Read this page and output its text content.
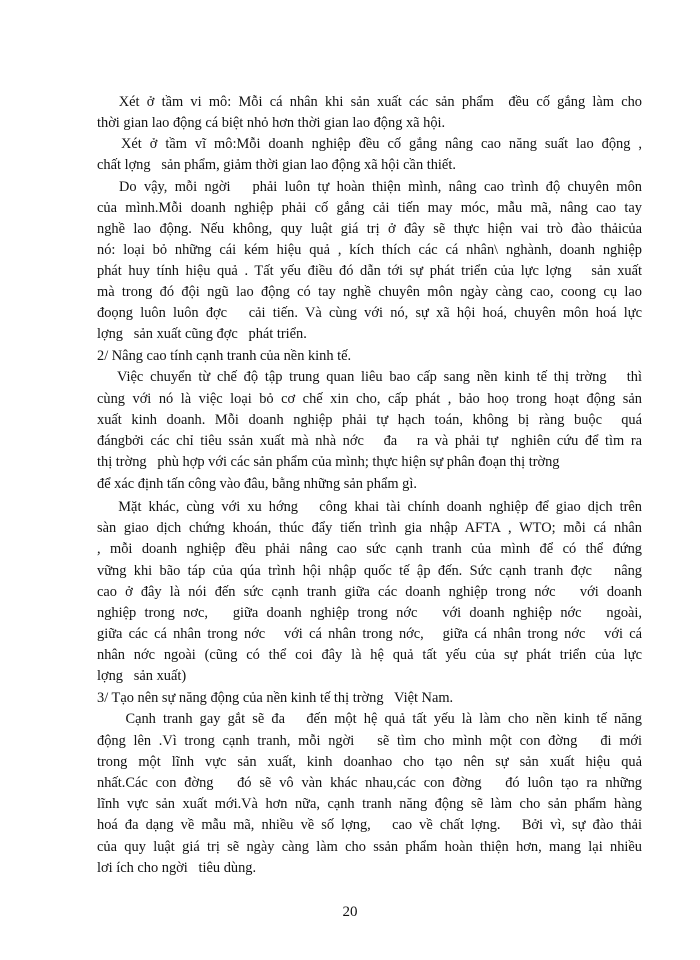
Xét ở tầm vi mô: Mỗi cá nhân khi sản xuất các sản phẩm  đều cố gắng làm cho
thời gian lao động cá biệt nhỏ hơn thời gian lao động xã hội.
Xét ở tầm vĩ mô:Mỗi doanh nghiệp đều cố gắng nâng cao năng suất lao động ,
chất lợng   sản phẩm, giảm thời gian lao động xã hội cần thiết.
Do vậy, mỗi ngời   phải luôn tự hoàn thiện mình, nâng cao trình độ chuyên môn
của mình.Mỗi doanh nghiệp phải cố gắng cải tiến may móc, mẫu mã, nâng cao tay
nghề lao động. Nếu không, quy luật giá trị ở đây sẽ thực hiện vai trò đào thảicủa
nó: loại bỏ những cái kém hiệu quả , kích thích các cá nhân\ nghành, doanh nghiệp
phát huy tính hiệu quả . Tất yếu điều đó dẫn tới sự phát triển của lực lợng   sản xuất
mà trong đó đội ngũ lao động có tay nghề chuyên môn ngày càng cao, coong cụ lao
đoọng luôn luôn đợc   cải tiến. Và cùng với nó, sự xã hội hoá, chuyên môn hoá lực
lợng   sản xuất cũng đợc   phát triển.
2/ Nâng cao tính cạnh tranh của nền kinh tế.
Việc chuyển từ chế độ tập trung quan liêu bao cấp sang nền kinh tế thị trờng   thì
cùng với nó là việc loại bỏ cơ chế xin cho, cấp phát , bảo hoọ trong hoạt động sản
xuất kinh doanh. Mỗi doanh nghiệp phải tự hạch toán, không bị ràng buộc  quá
đángbởi các chỉ tiêu ssản xuất mà nhà nớc   đa   ra và phải tự  nghiên cứu để tìm ra
thị trờng   phù hợp với các sản phẩm của mình; thực hiện sự phân đoạn thị trờng
để xác định tấn công vào đâu, bằng những sản phẩm gì.
Mặt khác, cùng với xu hớng   công khai tài chính doanh nghiệp để giao dịch trên
sàn giao dịch chứng khoán, thúc đẩy tiến trình gia nhập AFTA , WTO; mỗi cá nhân
, mỗi doanh nghiệp đều phải nâng cao sức cạnh tranh của mình để có thể đứng
vững khi bão táp của qúa trình hội nhập quốc tế ập đến. Sức cạnh tranh đợc   nâng
cao ở đây là nói đến sức cạnh tranh giữa các doanh nghiệp trong nớc   với doanh
nghiệp trong nơc,   giữa doanh nghiệp trong nớc   với doanh nghiệp nớc   ngoài,
giữa các cá nhân trong nớc   với cá nhân trong nớc,   giữa cá nhân trong nớc   với cá
nhân nớc ngoài (cũng có thể coi đây là hệ quả tất yếu của sự phát triển của lực
lợng   sản xuất)
3/ Tạo nên sự năng động của nền kinh tế thị trờng   Việt Nam.
Cạnh tranh gay gắt sẽ đa   đến một hệ quả tất yếu là làm cho nền kinh tế năng
động lên .Vì trong cạnh tranh, mỗi ngời   sẽ tìm cho mình một con đờng   đi mới
trong một lĩnh vực sản xuất, kinh doanhao cho tạo nên sự sản xuất hiệu quả
nhất.Các con đờng   đó sẽ vô vàn khác nhau,các con đờng   đó luôn tạo ra những
lĩnh vực sản xuất mới.Và hơn nữa, cạnh tranh năng động sẽ làm cho sản phẩm hàng
hoá đa dạng về mẫu mã, nhiều về số lợng,   cao về chất lợng.   Bởi vì, sự đào thải
của quy luật giá trị sẽ ngày càng làm cho ssản phẩm hoàn thiện hơn, mang lại nhiều
lơi ích cho ngời   tiêu dùng.
20
